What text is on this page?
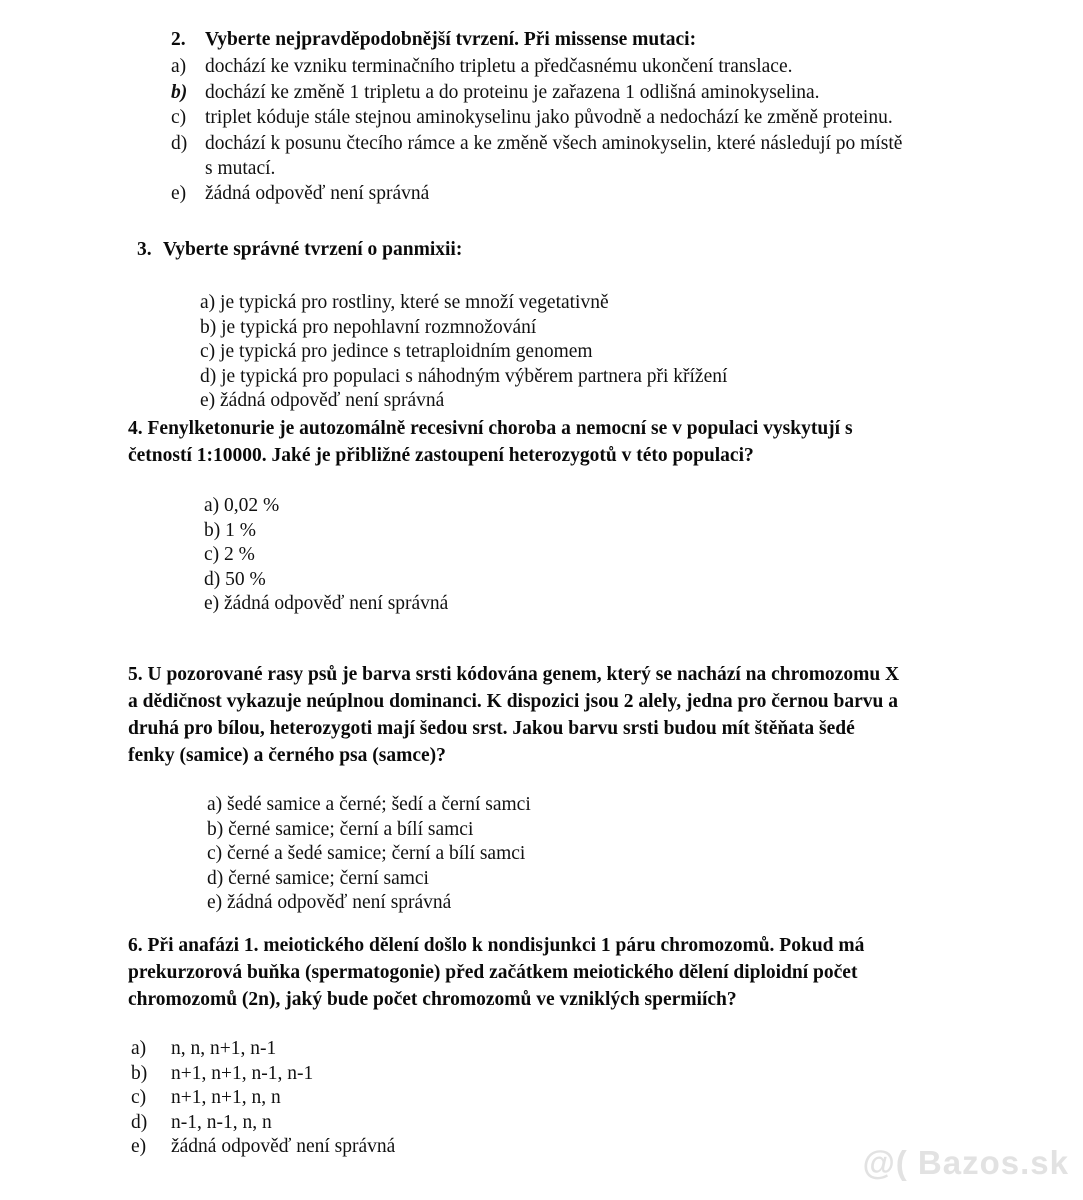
2. Vyberte nejpravděpodobnější tvrzení. Při missense mutaci:
a) dochází ke vzniku terminačního tripletu a předčasnému ukončení translace.
b) dochází ke změně 1 tripletu a do proteinu je zařazena 1 odlišná aminokyselina.
c) triplet kóduje stále stejnou aminokyselinu jako původně a nedochází ke změně proteinu.
d) dochází k posunu čtecího rámce a ke změně všech aminokyselin, které následují po místě
s mutací.
e) žádná odpověď není správná
3. Vyberte správné tvrzení o panmixii:
a) je typická pro rostliny, které se množí vegetativně
b) je typická pro nepohlavní rozmnožování
c) je typická pro jedince s tetraploidním genomem
d) je typická pro populaci s náhodným výběrem partnera při křížení
e) žádná odpověď není správná
4. Fenylketonurie je autozomálně recesivní choroba a nemocní se v populaci vyskytují s
četností 1:10000. Jaké je přibližné zastoupení heterozygotů v této populaci?
a) 0,02 %
b) 1 %
c) 2 %
d) 50 %
e) žádná odpověď není správná
5. U pozorované rasy psů je barva srsti kódována genem, který se nachází na chromozomu X
a dědičnost vykazuje neúplnou dominanci. K dispozici jsou 2 alely, jedna pro černou barvu a
druhá pro bílou, heterozygoti mají šedou srst. Jakou barvu srsti budou mít štěňata šedé
fenky (samice) a černého psa (samce)?
a) šedé samice a černé; šedí a černí samci
b) černé samice; černí a bílí samci
c) černé a šedé samice; černí a bílí samci
d) černé samice; černí samci
e) žádná odpověď není správná
6. Při anafázi 1. meiotického dělení došlo k nondisjunkci 1 páru chromozomů. Pokud má
prekurzorová buňka (spermatogonie) před začátkem meiotického dělení diploidní počet
chromozomů (2n), jaký bude počet chromozomů ve vzniklých spermiích?
a)	n, n, n+1, n-1
b)	n+1, n+1, n-1, n-1
c)	n+1, n+1, n, n
d)	n-1, n-1, n, n
e)	žádná odpověď není správná	@( Bazos.sk
